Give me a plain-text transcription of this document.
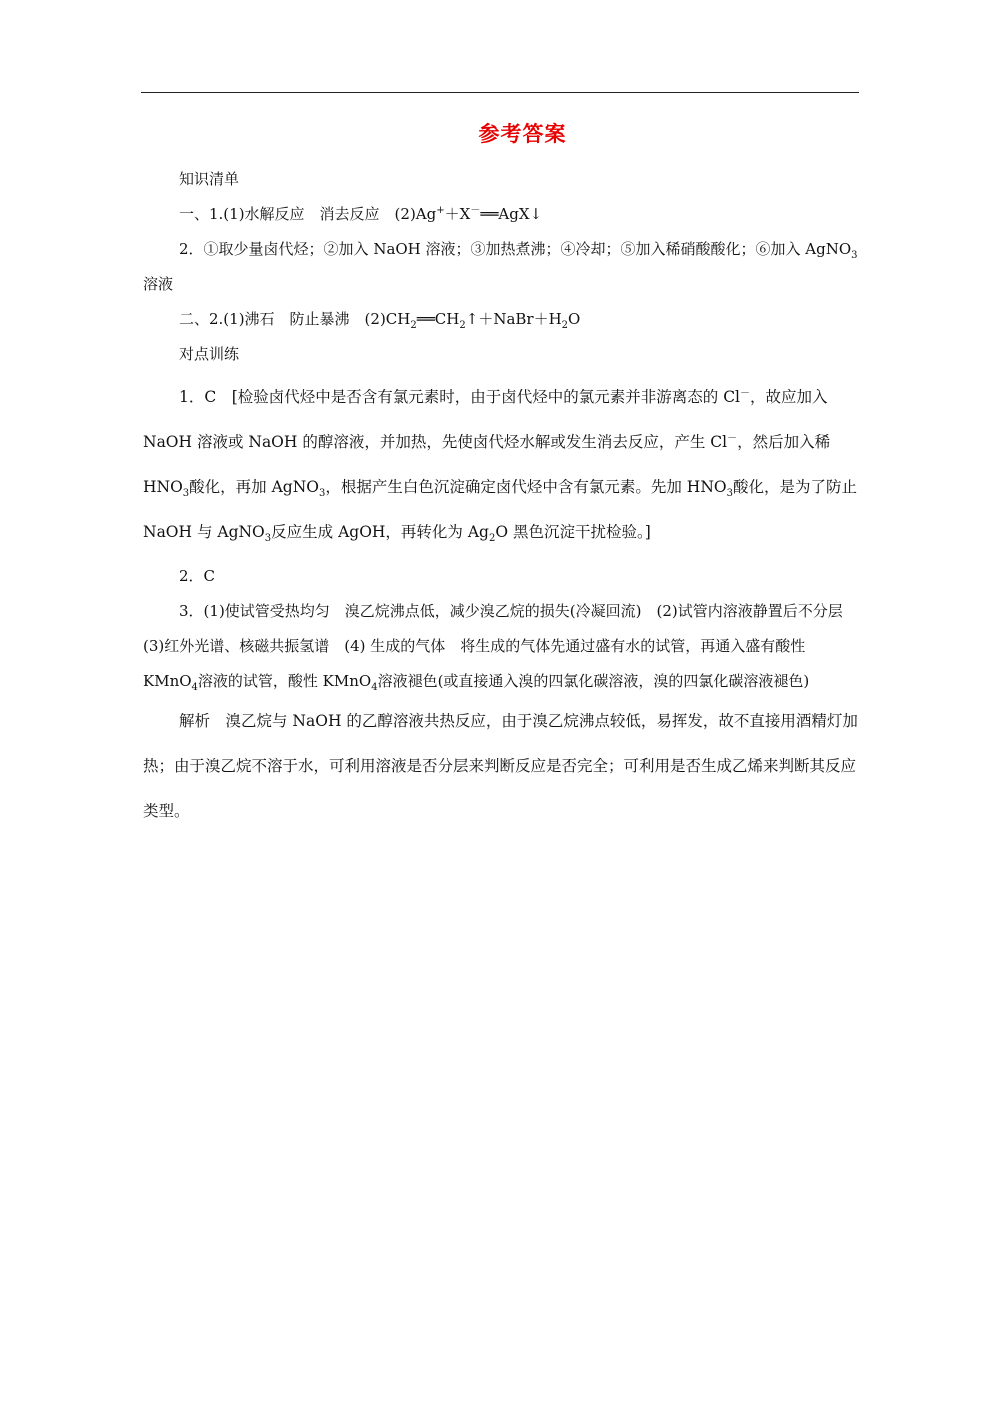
参考答案

知识清单

一、1.(1)水解反应　消去反应　(2)Ag+＋X－══AgX↓

2．①取少量卤代烃；②加入 NaOH 溶液；③加热煮沸；④冷却；⑤加入稀硝酸酸化；⑥加入 AgNO$_3$溶液

二、2.(1)沸石　防止暴沸　$(2)CH_2══CH_2↑+NaBr+H_2O$

对点训练

1．C　[检验卤代烃中是否含有氯元素时，由于卤代烃中的氯元素并非游离态的 Cl－，故应加入 NaOH 溶液或 NaOH 的醇溶液，并加热，先使卤代烃水解或发生消去反应，产生 Cl－，然后加入稀 $HNO_3$酸化，再加 AgNO$_3$，根据产生白色沉淀确定卤代烃中含有氯元素。先加 $HNO_3$酸化，是为了防止 NaOH 与 AgNO$_3$反应生成 AgOH，再转化为 $Ag_2O$ 黑色沉淀干扰检验。]

2．C

3．(1)使试管受热均匀　溴乙烷沸点低，减少溴乙烷的损失(冷凝回流)　(2)试管内溶液静置后不分层　(3)红外光谱、核磁共振氢谱　(4) 生成的气体　将生成的气体先通过盛有水的试管，再通入盛有酸性 KMnO$_4$溶液的试管，酸性 KMnO$_4$溶液褪色(或直接通入溴的四氯化碳溶液，溴的四氯化碳溶液褪色)

解析　溴乙烷与 NaOH 的乙醇溶液共热反应，由于溴乙烷沸点较低，易挥发，故不直接用酒精灯加热；由于溴乙烷不溶于水，可利用溶液是否分层来判断反应是否完全；可利用是否生成乙烯来判断其反应类型。
